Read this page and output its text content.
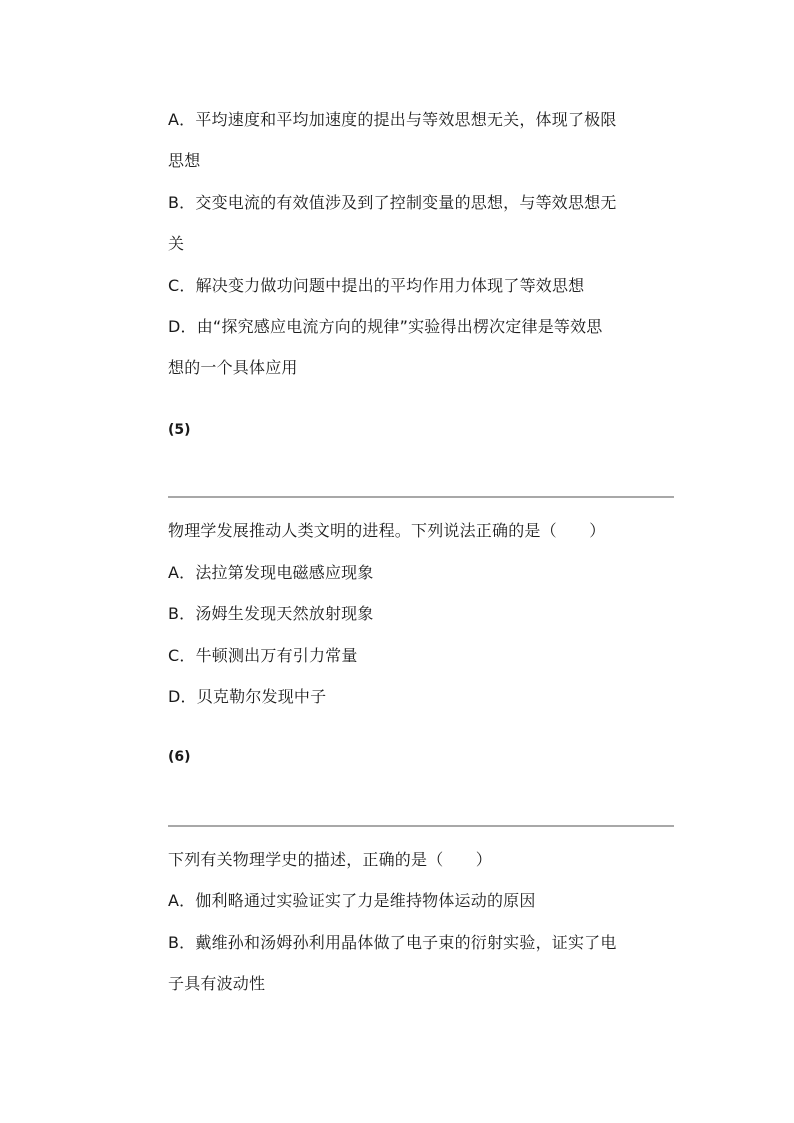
A．平均速度和平均加速度的提出与等效思想无关，体现了极限
思想
B．交变电流的有效值涉及到了控制变量的思想，与等效思想无
关
C．解决变力做功问题中提出的平均作用力体现了等效思想
D．由“探究感应电流方向的规律”实验得出楞次定律是等效思
想的一个具体应用
(5)
物理学发展推动人类文明的进程。下列说法正确的是（　　）
A．法拉第发现电磁感应现象
B．汤姆生发现天然放射现象
C．牛顿测出万有引力常量
D．贝克勒尔发现中子
(6)
下列有关物理学史的描述，正确的是（　　）
A．伽利略通过实验证实了力是维持物体运动的原因
B．戴维孙和汤姆孙利用晶体做了电子束的衍射实验，证实了电
子具有波动性
